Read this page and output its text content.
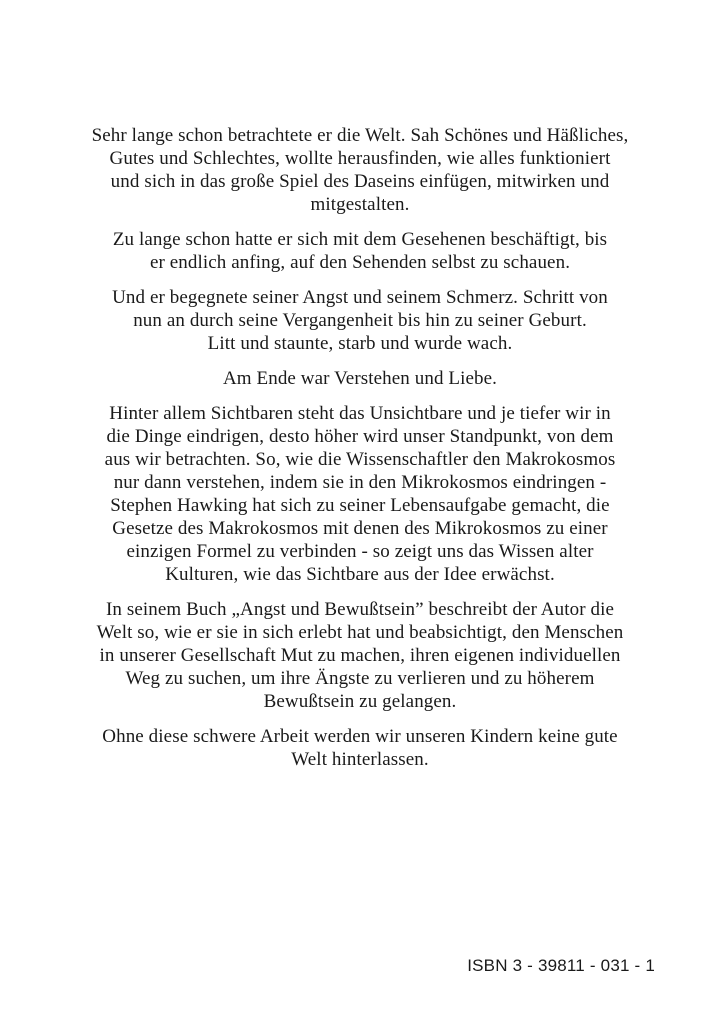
Sehr lange schon betrachtete er die Welt. Sah Schönes und Häßliches,
Gutes und Schlechtes, wollte herausfinden, wie alles funktioniert
und sich in das große Spiel des Daseins einfügen, mitwirken und
mitgestalten.

Zu lange schon hatte er sich mit dem Gesehenen beschäftigt, bis
er endlich anfing, auf den Sehenden selbst zu schauen.

Und er begegnete seiner Angst und seinem Schmerz. Schritt von
nun an durch seine Vergangenheit bis hin zu seiner Geburt.
Litt und staunte, starb und wurde wach.

Am Ende war Verstehen und Liebe.

Hinter allem Sichtbaren steht das Unsichtbare und je tiefer wir in
die Dinge eindrigen, desto höher wird unser Standpunkt, von dem
aus wir betrachten. So, wie die Wissenschaftler den Makrokosmos
nur dann verstehen, indem sie in den Mikrokosmos eindringen -
Stephen Hawking hat sich zu seiner Lebensaufgabe gemacht, die
Gesetze des Makrokosmos mit denen des Mikrokosmos zu einer
einzigen Formel zu verbinden - so zeigt uns das Wissen alter
Kulturen, wie das Sichtbare aus der Idee erwächst.

In seinem Buch „Angst und Bewußtsein” beschreibt der Autor die
Welt so, wie er sie in sich erlebt hat und beabsichtigt, den Menschen
in unserer Gesellschaft Mut zu machen, ihren eigenen individuellen
Weg zu suchen, um ihre Ängste zu verlieren und zu höherem
Bewußtsein zu gelangen.

Ohne diese schwere Arbeit werden wir unseren Kindern keine gute
Welt hinterlassen.

ISBN 3 - 39811 - 031 - 1
